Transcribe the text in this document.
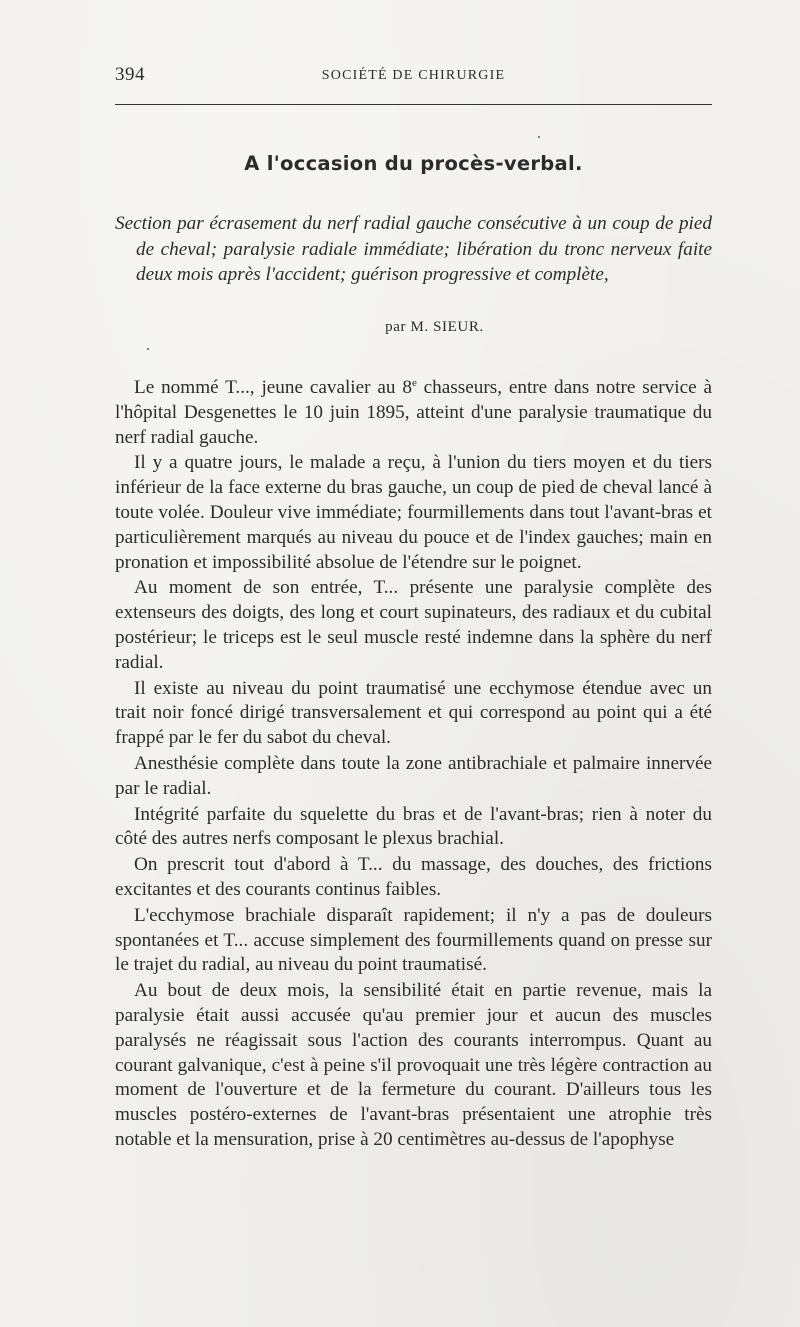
394	SOCIÉTÉ DE CHIRURGIE
A l'occasion du procès-verbal.

Section par écrasement du nerf radial gauche consécutive à un coup de pied de cheval; paralysie radiale immédiate; libération du tronc nerveux faite deux mois après l'accident; guérison progressive et complète,

par M. SIEUR.

Le nommé T..., jeune cavalier au 8e chasseurs, entre dans notre service à l'hôpital Desgenettes le 10 juin 1895, atteint d'une paralysie traumatique du nerf radial gauche.

Il y a quatre jours, le malade a reçu, à l'union du tiers moyen et du tiers inférieur de la face externe du bras gauche, un coup de pied de cheval lancé à toute volée. Douleur vive immédiate; fourmillements dans tout l'avant-bras et particulièrement marqués au niveau du pouce et de l'index gauches; main en pronation et impossibilité absolue de l'étendre sur le poignet.

Au moment de son entrée, T... présente une paralysie complète des extenseurs des doigts, des long et court supinateurs, des radiaux et du cubital postérieur; le triceps est le seul muscle resté indemne dans la sphère du nerf radial.

Il existe au niveau du point traumatisé une ecchymose étendue avec un trait noir foncé dirigé transversalement et qui correspond au point qui a été frappé par le fer du sabot du cheval.

Anesthésie complète dans toute la zone antibrachiale et palmaire innervée par le radial.

Intégrité parfaite du squelette du bras et de l'avant-bras; rien à noter du côté des autres nerfs composant le plexus brachial.

On prescrit tout d'abord à T... du massage, des douches, des frictions excitantes et des courants continus faibles.

L'ecchymose brachiale disparaît rapidement; il n'y a pas de douleurs spontanées et T... accuse simplement des fourmillements quand on presse sur le trajet du radial, au niveau du point traumatisé.

Au bout de deux mois, la sensibilité était en partie revenue, mais la paralysie était aussi accusée qu'au premier jour et aucun des muscles paralysés ne réagissait sous l'action des courants interrompus. Quant au courant galvanique, c'est à peine s'il provoquait une très légère contraction au moment de l'ouverture et de la fermeture du courant. D'ailleurs tous les muscles postéro-externes de l'avant-bras présentaient une atrophie très notable et la mensuration, prise à 20 centimètres au-dessus de l'apophyse
